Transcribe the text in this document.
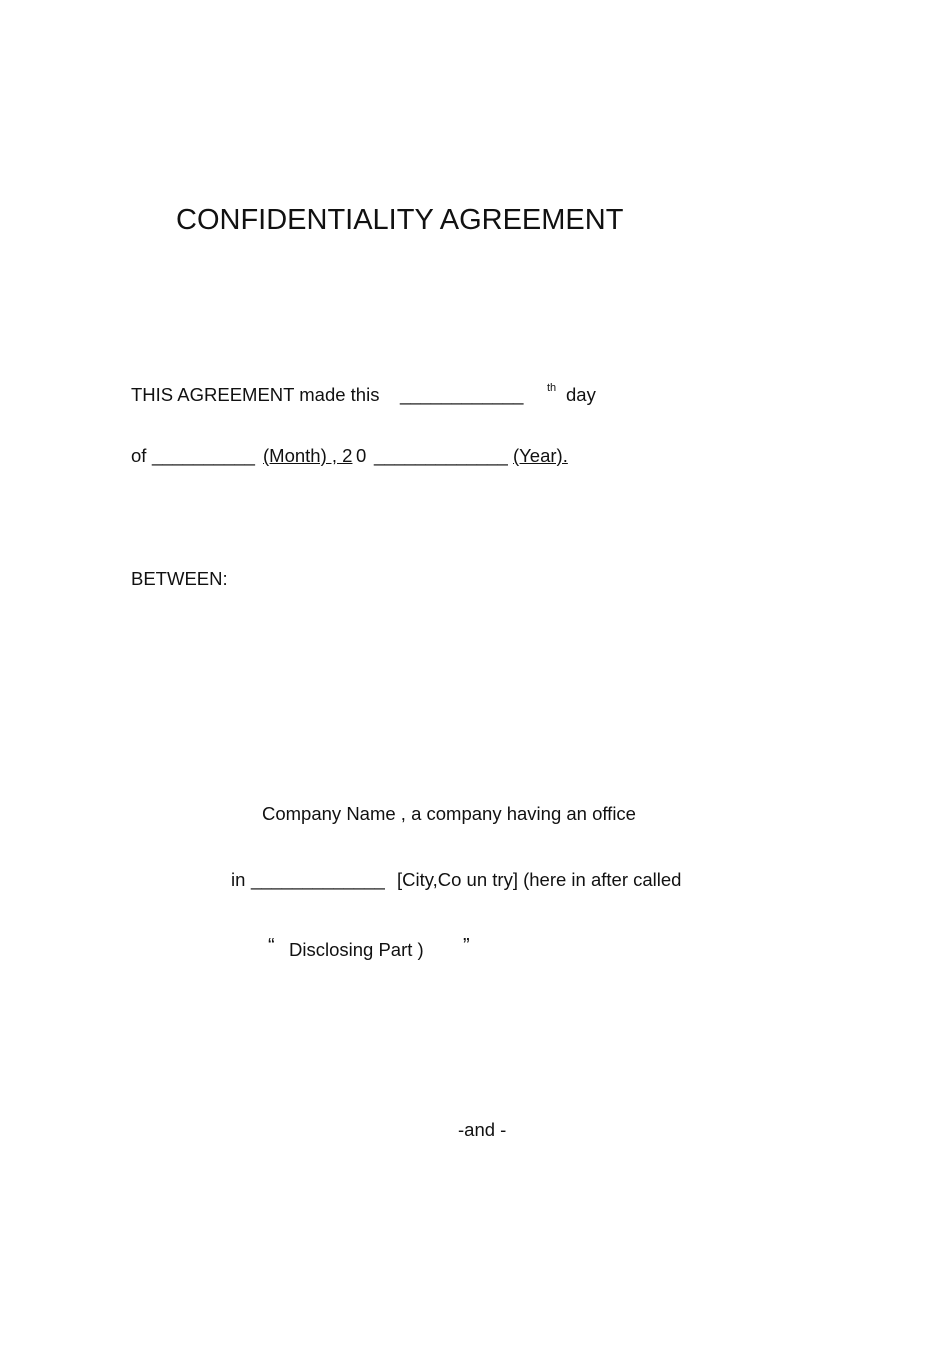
CONFIDENTIALITY AGREEMENT
THIS AGREEMENT made this ____________ th day
of __________ (Month) , 2 0 _____________ (Year).
BETWEEN:
Company Name , a company having an office
in _____________ [City,Co un try] (here in after called
“ Disclosing Part ) ”
-and -
